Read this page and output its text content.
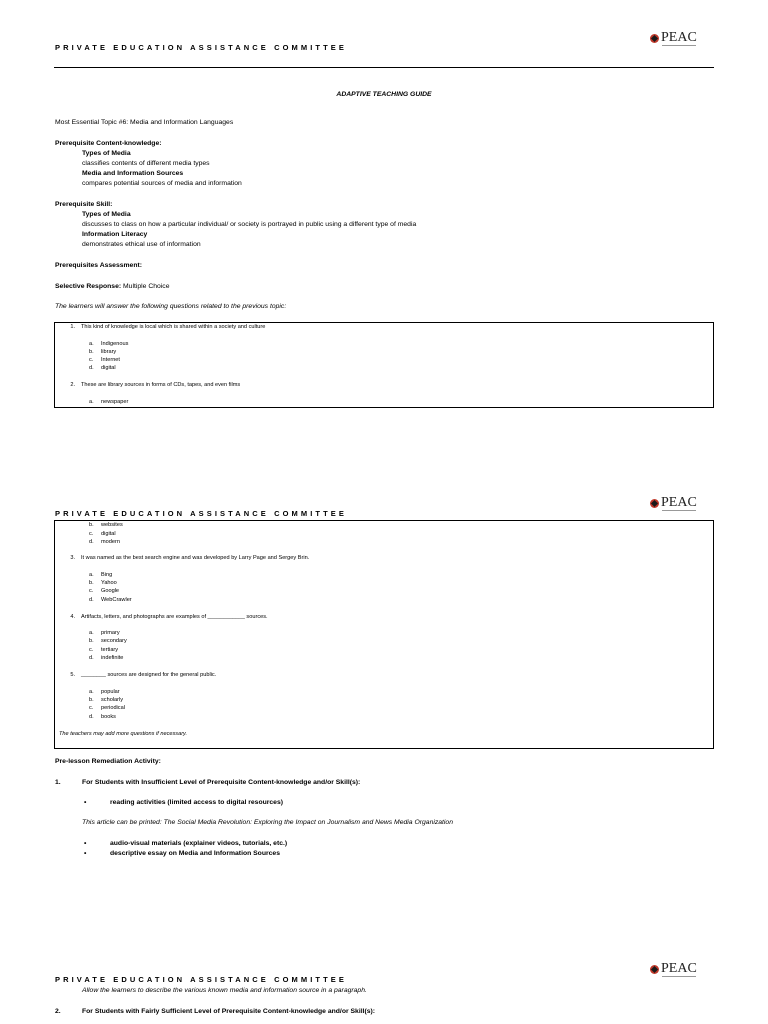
PRIVATE EDUCATION ASSISTANCE COMMITTEE
PEAC
ADAPTIVE TEACHING GUIDE
Most Essential Topic #6: Media and Information Languages
Prerequisite Content-knowledge:
Types of Media
classifies contents of different media types
Media and Information Sources
compares potential sources of media and information
Prerequisite Skill:
Types of Media
discusses to class on how a particular individual/ or society is portrayed in public using a different type of media
Information Literacy
demonstrates ethical use of information
Prerequisites Assessment:
Selective Response: Multiple Choice
The learners will answer the following questions related to the previous topic:
1. This kind of knowledge is local which is shared within a society and culture
a. Indigenous
b. library
c. Internet
d. digital
2. These are library sources in forms of CDs, tapes, and even films
a. newspaper
PRIVATE EDUCATION ASSISTANCE COMMITTEE
PEAC
b. websites
c. digital
d. modern
3. It was named as the best search engine and was developed by Larry Page and Sergey Brin.
a. Bing
b. Yahoo
c. Google
d. WebCrawler
4. Artifacts, letters, and photographs are examples of ____________ sources.
a. primary
b. secondary
c. tertiary
d. indefinite
5. ________ sources are designed for the general public.
a. popular
b. scholarly
c. periodical
d. books
The teachers may add more questions if necessary.
Pre-lesson Remediation Activity:
1.	For Students with Insufficient Level of Prerequisite Content-knowledge and/or Skill(s):
•	reading activities (limited access to digital resources)
This article can be printed: The Social Media Revolution: Exploring the Impact on Journalism and News Media Organization
•	audio-visual materials (explainer videos, tutorials, etc.)
•	descriptive essay on Media and Information Sources
PRIVATE EDUCATION ASSISTANCE COMMITTEE
PEAC
Allow the learners to describe the various known media and information source in a paragraph.
2.	For Students with Fairly Sufficient Level of Prerequisite Content-knowledge and/or Skill(s):
